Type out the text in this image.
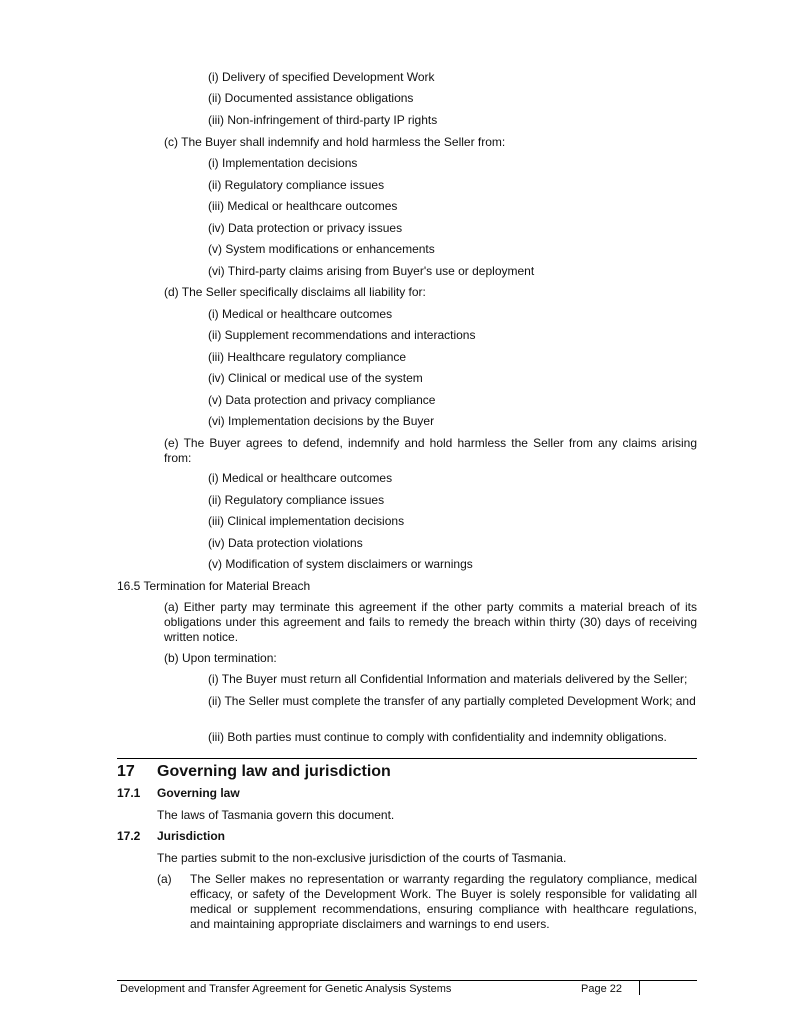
(i) Delivery of specified Development Work
(ii) Documented assistance obligations
(iii) Non-infringement of third-party IP rights
(c) The Buyer shall indemnify and hold harmless the Seller from:
(i) Implementation decisions
(ii) Regulatory compliance issues
(iii) Medical or healthcare outcomes
(iv) Data protection or privacy issues
(v) System modifications or enhancements
(vi) Third-party claims arising from Buyer's use or deployment
(d) The Seller specifically disclaims all liability for:
(i) Medical or healthcare outcomes
(ii) Supplement recommendations and interactions
(iii) Healthcare regulatory compliance
(iv) Clinical or medical use of the system
(v) Data protection and privacy compliance
(vi) Implementation decisions by the Buyer
(e) The Buyer agrees to defend, indemnify and hold harmless the Seller from any claims arising from:
(i) Medical or healthcare outcomes
(ii) Regulatory compliance issues
(iii) Clinical implementation decisions
(iv) Data protection violations
(v) Modification of system disclaimers or warnings
16.5 Termination for Material Breach
(a) Either party may terminate this agreement if the other party commits a material breach of its obligations under this agreement and fails to remedy the breach within thirty (30) days of receiving written notice.
(b) Upon termination:
(i) The Buyer must return all Confidential Information and materials delivered by the Seller;
(ii) The Seller must complete the transfer of any partially completed Development Work; and
(iii) Both parties must continue to comply with confidentiality and indemnity obligations.
17 Governing law and jurisdiction
17.1 Governing law
The laws of Tasmania govern this document.
17.2 Jurisdiction
The parties submit to the non-exclusive jurisdiction of the courts of Tasmania.
(a) The Seller makes no representation or warranty regarding the regulatory compliance, medical efficacy, or safety of the Development Work. The Buyer is solely responsible for validating all medical or supplement recommendations, ensuring compliance with healthcare regulations, and maintaining appropriate disclaimers and warnings to end users.
Development and Transfer Agreement for Genetic Analysis Systems	Page 22
